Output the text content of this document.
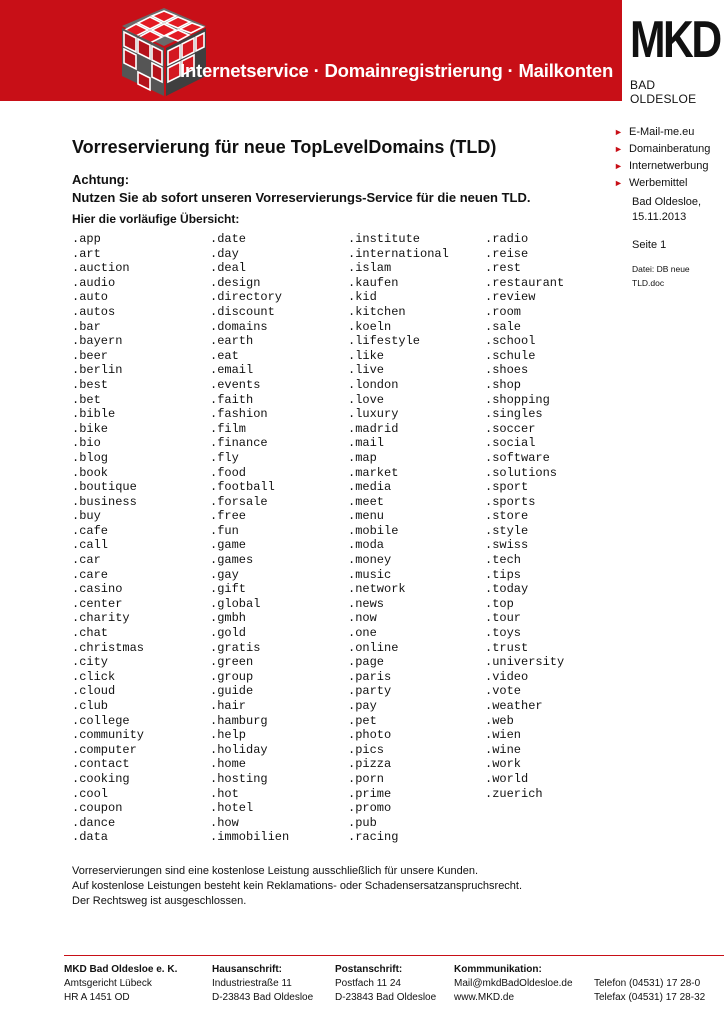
Internetservice · Domainregistrierung · Mailkonten
MKD
BAD OLDESLOE
Vorreservierung für neue TopLevelDomains (TLD)
Achtung:
Nutzen Sie ab sofort unseren Vorreservierungs-Service für die neuen TLD.
Hier die vorläufige Übersicht:
.app
.art
.auction
.audio
.auto
.autos
.bar
.bayern
.beer
.berlin
.best
.bet
.bible
.bike
.bio
.blog
.book
.boutique
.business
.buy
.cafe
.call
.car
.care
.casino
.center
.charity
.chat
.christmas
.city
.click
.cloud
.club
.college
.community
.computer
.contact
.cooking
.cool
.coupon
.dance
.data
.date
.day
.deal
.design
.directory
.discount
.domains
.earth
.eat
.email
.events
.faith
.fashion
.film
.finance
.fly
.food
.football
.forsale
.free
.fun
.game
.games
.gay
.gift
.global
.gmbh
.gold
.gratis
.green
.group
.guide
.hair
.hamburg
.help
.holiday
.home
.hosting
.hot
.hotel
.how
.immobilien
.institute
.international
.islam
.kaufen
.kid
.kitchen
.koeln
.lifestyle
.like
.live
.london
.love
.luxury
.madrid
.mail
.map
.market
.media
.meet
.menu
.mobile
.moda
.money
.music
.network
.news
.now
.one
.online
.page
.paris
.party
.pay
.pet
.photo
.pics
.pizza
.porn
.prime
.promo
.pub
.racing
.radio
.reise
.rest
.restaurant
.review
.room
.sale
.school
.schule
.shoes
.shop
.shopping
.singles
.soccer
.social
.software
.solutions
.sport
.sports
.store
.style
.swiss
.tech
.tips
.today
.top
.tour
.toys
.trust
.university
.video
.vote
.weather
.web
.wien
.wine
.work
.world
.zuerich
► E-Mail-me.eu
► Domainberatung
► Internetwerbung
► Werbemittel
Bad Oldesloe,
15.11.2013
Seite 1
Datei: DB neue
TLD.doc
Vorreservierungen sind eine kostenlose Leistung ausschließlich für unsere Kunden.
Auf kostenlose Leistungen besteht kein Reklamations- oder Schadensersatzanspruchsrecht.
Der Rechtsweg ist ausgeschlossen.
MKD Bad Oldesloe e. K.
Amtsgericht Lübeck
HR A 1451 OD
Hausanschrift:
Industriestraße 11
D-23843 Bad Oldesloe
Postanschrift:
Postfach 11 24
D-23843 Bad Oldesloe
Kommmunikation:
Mail@mkdBadOldesloe.de
www.MKD.de
Telefon (04531) 17 28-0
Telefax (04531) 17 28-32
